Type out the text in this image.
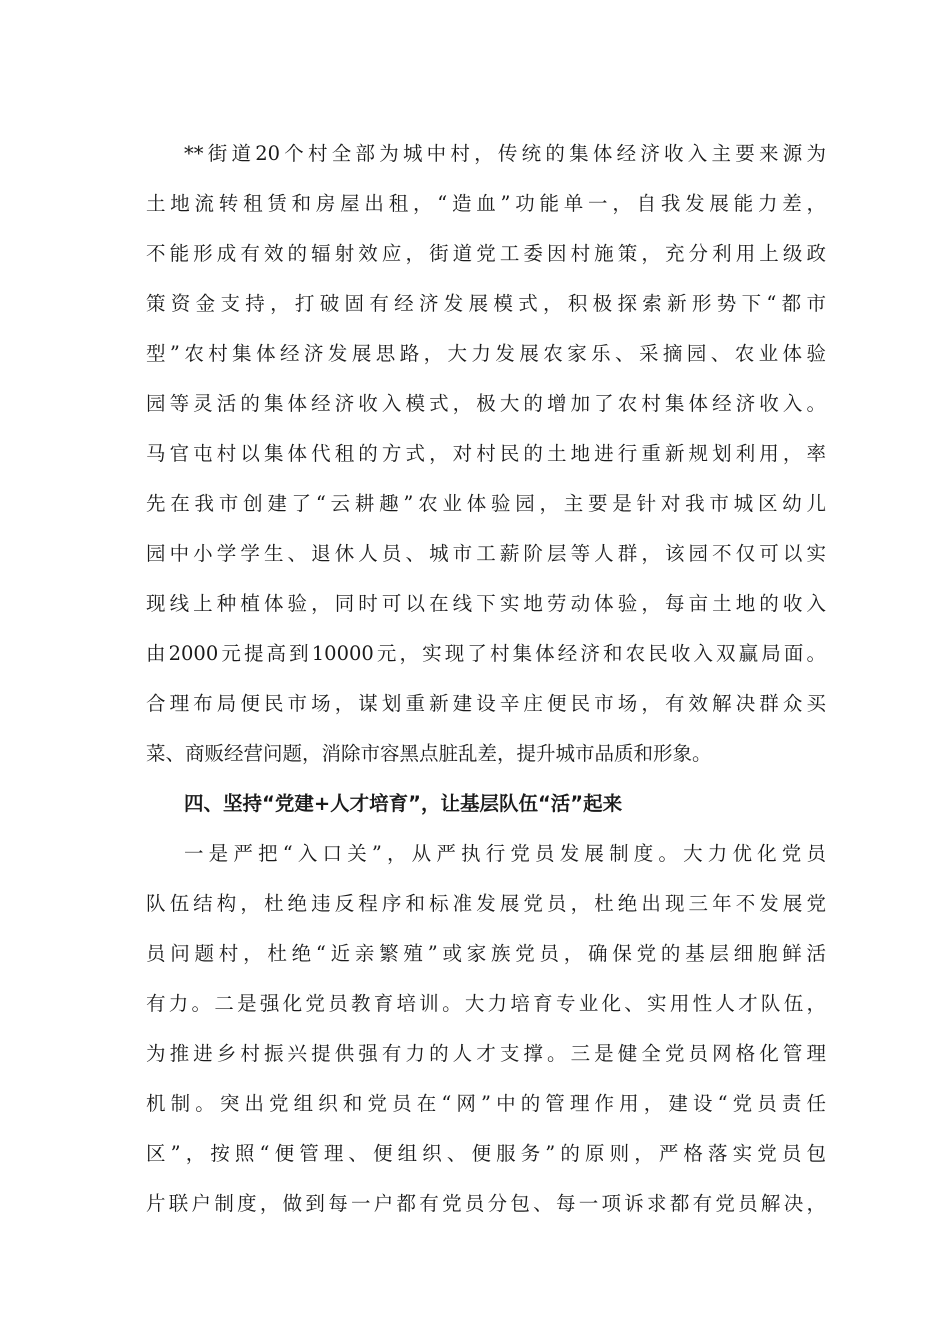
**街道20个村全部为城中村，传统的集体经济收入主要来源为
土地流转租赁和房屋出租，“造血”功能单一，自我发展能力差，
不能形成有效的辐射效应，街道党工委因村施策，充分利用上级政
策资金支持，打破固有经济发展模式，积极探索新形势下“都市
型”农村集体经济发展思路，大力发展农家乐、采摘园、农业体验
园等灵活的集体经济收入模式，极大的增加了农村集体经济收入。
马官屯村以集体代租的方式，对村民的土地进行重新规划利用，率
先在我市创建了“云耕趣”农业体验园，主要是针对我市城区幼儿
园中小学学生、退休人员、城市工薪阶层等人群，该园不仅可以实
现线上种植体验，同时可以在线下实地劳动体验，每亩土地的收入
由2000元提高到10000元，实现了村集体经济和农民收入双赢局面。
合理布局便民市场，谋划重新建设辛庄便民市场，有效解决群众买
菜、商贩经营问题，消除市容黑点脏乱差，提升城市品质和形象。
四、坚持“党建+人才培育”，让基层队伍“活”起来
一是严把“入口关”，从严执行党员发展制度。大力优化党员
队伍结构，杜绝违反程序和标准发展党员，杜绝出现三年不发展党
员问题村，杜绝“近亲繁殖”或家族党员，确保党的基层细胞鲜活
有力。二是强化党员教育培训。大力培育专业化、实用性人才队伍，
为推进乡村振兴提供强有力的人才支撑。三是健全党员网格化管理
机制。突出党组织和党员在“网”中的管理作用，建设“党员责任
区”，按照“便管理、便组织、便服务”的原则，严格落实党员包
片联户制度，做到每一户都有党员分包、每一项诉求都有党员解决，
